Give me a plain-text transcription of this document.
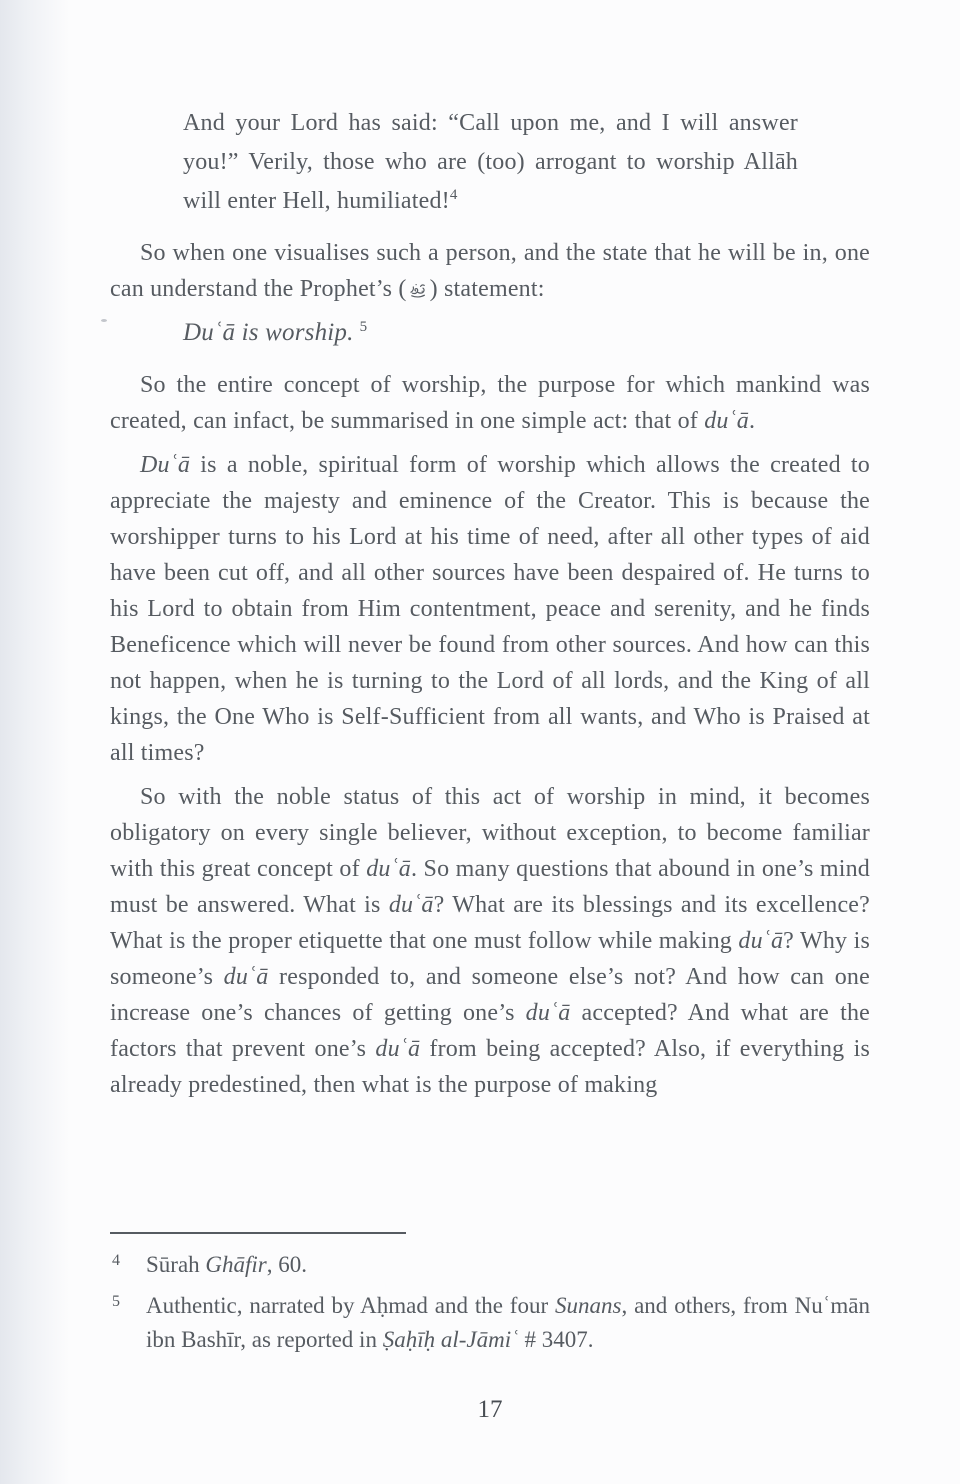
And your Lord has said: “Call upon me, and I will answer you!” Verily, those who are (too) arrogant to worship Allāh will enter Hell, humiliated!$^4$

So when one visualises such a person, and the state that he will be in, one can understand the Prophet’s ( ) statement:

Duʿā is worship. $^5$

So the entire concept of worship, the purpose for which mankind was created, can infact, be summarised in one simple act: that of duʿā.

Duʿā is a noble, spiritual form of worship which allows the created to appreciate the majesty and eminence of the Creator. This is because the worshipper turns to his Lord at his time of need, after all other types of aid have been cut off, and all other sources have been despaired of. He turns to his Lord to obtain from Him contentment, peace and serenity, and he finds Beneficence which will never be found from other sources. And how can this not happen, when he is turning to the Lord of all lords, and the King of all kings, the One Who is Self-Sufficient from all wants, and Who is Praised at all times?

So with the noble status of this act of worship in mind, it becomes obligatory on every single believer, without exception, to become familiar with this great concept of duʿā. So many questions that abound in one’s mind must be answered. What is duʿā? What are its blessings and its excellence? What is the proper etiquette that one must follow while making duʿā? Why is someone’s duʿā responded to, and someone else’s not? And how can one increase one’s chances of getting one’s duʿā accepted? And what are the factors that prevent one’s duʿā from being accepted? Also, if everything is already predestined, then what is the purpose of making

4 Sūrah Ghāfir, 60.
5 Authentic, narrated by Aḥmad and the four Sunans, and others, from Nuʿmān ibn Bashīr, as reported in Ṣaḥīḥ al-Jāmiʿ # 3407.
17
